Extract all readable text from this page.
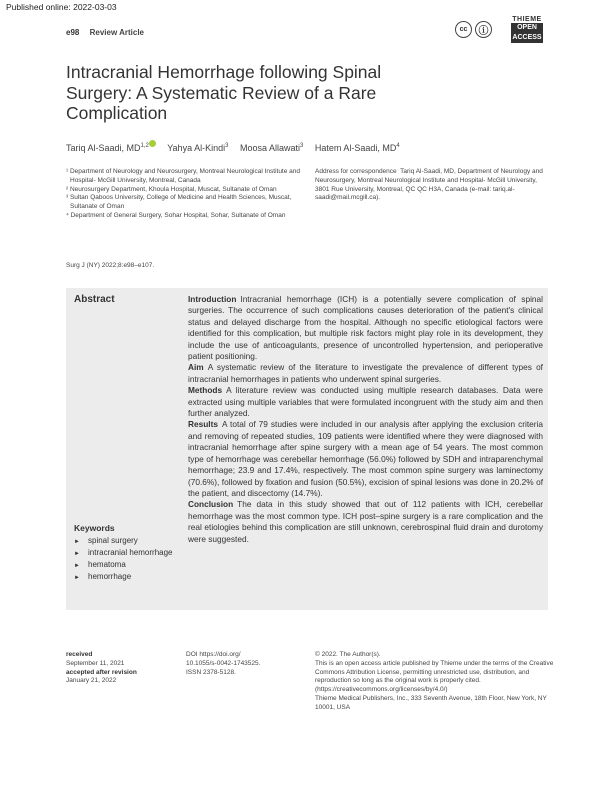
Published online: 2022-03-03
e98 Review Article	cc	ⓘ
THIEME
OPEN
ACCESS
Intracranial Hemorrhage following Spinal Surgery: A Systematic Review of a Rare Complication
Tariq Al-Saadi, MD$^{1,2}$ Yahya Al-Kindi$^3$ Moosa Allawati$^3$ Hatem Al-Saadi, $MD^4$

¹ Department of Neurology and Neurosurgery, Montreal Neurological Institute and Hospital- McGill University, Montreal, Canada

² Neurosurgery Department, Khoula Hospital, Muscat, Sultanate of Oman

³ Sultan Qaboos University, College of Medicine and Health Sciences, Muscat, Sultanate of Oman

⁴ Department of General Surgery, Sohar Hospital, Sohar, Sultanate of Oman

Address for correspondence Tariq Al-Saadi, MD, Department of Neurology and Neurosurgery, Montreal Neurological Institute and Hospital- McGill University, 3801 Rue University, Montreal, QC QC H3A, Canada (e-mail: tariq.al-saadi@mail.mcgill.ca).
Surg J (NY) 2022;8:e98–e107.
Abstract	Introduction Intracranial hemorrhage (ICH) is a potentially severe complication of spinal surgeries. The occurrence of such complications causes deterioration of the patient's clinical status and delayed discharge from the hospital. Although no specific etiological factors were identified for this complication, but multiple risk factors might play role in its development, they include the use of anticoagulants, presence of uncontrolled hypertension, and perioperative patient positioning.

Aim A systematic review of the literature to investigate the prevalence of different types of intracranial hemorrhages in patients who underwent spinal surgeries.

Methods A literature review was conducted using multiple research databases. Data were extracted using multiple variables that were formulated incongruent with the study aim and then further analyzed.

Results A total of 79 studies were included in our analysis after applying the exclusion criteria and removing of repeated studies, 109 patients were identified where they were diagnosed with intracranial hemorrhage after spine surgery with a mean age of 54 years. The most common type of hemorrhage was cerebellar hemorrhage (56.0%) followed by SDH and intraparenchymal hemorrhage; 23.9 and 17.4%, respectively. The most common spine surgery was laminectomy (70.6%), followed by fixation and fusion (50.5%), excision of spinal lesions was done in 20.2% of the patient, and discectomy (14.7%).

Conclusion The data in this study showed that out of 112 patients with ICH, cerebellar hemorrhage was the most common type. ICH post–spine surgery is a rare complication and the real etiologies behind this complication are still unknown, cerebrospinal fluid drain and durotomy were suggested.

Keywords
► spinal surgery
► intracranial hemorrhage
► hematoma
► hemorrhage
received
September 11, 2021
accepted after revision
January 21, 2022
DOI https://doi.org/
10.1055/s-0042-1743525.
ISSN 2378-5128.
© 2022. The Author(s).
This is an open access article published by Thieme under the terms of the Creative Commons Attribution License, permitting unrestricted use, distribution, and reproduction so long as the original work is properly cited. (https://creativecommons.org/licenses/by/4.0/)
Thieme Medical Publishers, Inc., 333 Seventh Avenue, 18th Floor, New York, NY 10001, USA
